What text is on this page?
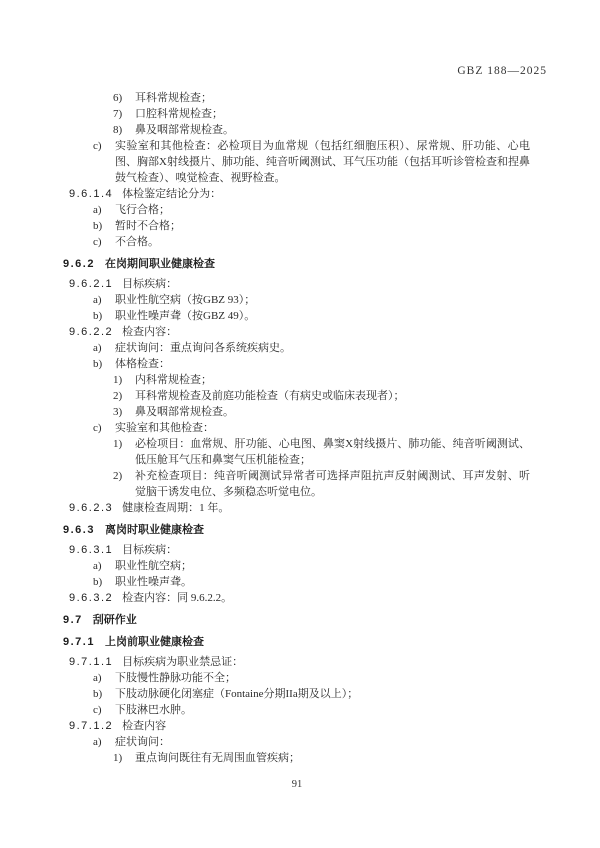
GBZ 188—2025
6)	耳科常规检查；
7)	口腔科常规检查；
8)	鼻及咽部常规检查。
c)	实验室和其他检查：必检项目为血常规（包括红细胞压积）、尿常规、肝功能、心电图、胸部X射线摄片、肺功能、纯音听阈测试、耳气压功能（包括耳听诊管检查和捏鼻鼓气检查）、嗅觉检查、视野检查。
9.6.1.4 体检鉴定结论分为：
a)	飞行合格；
b)	暂时不合格；
c)	不合格。
9.6.2 在岗期间职业健康检查
9.6.2.1 目标疾病：
a)	职业性航空病（按GBZ 93）；
b)	职业性噪声聋（按GBZ 49）。
9.6.2.2 检查内容：
a)	症状询问：重点询问各系统疾病史。
b)	体格检查：
1)	内科常规检查；
2)	耳科常规检查及前庭功能检查（有病史或临床表现者）；
3)	鼻及咽部常规检查。
c)	实验室和其他检查：
1)	必检项目：血常规、肝功能、心电图、鼻窦X射线摄片、肺功能、纯音听阈测试、低压舱耳气压和鼻窦气压机能检查；
2)	补充检查项目：纯音听阈测试异常者可选择声阻抗声反射阈测试、耳声发射、听觉脑干诱发电位、多频稳态听觉电位。
9.6.2.3 健康检查周期：1 年。
9.6.3 离岗时职业健康检查
9.6.3.1 目标疾病：
a)	职业性航空病；
b)	职业性噪声聋。
9.6.3.2 检查内容：同 9.6.2.2。
9.7 刮研作业
9.7.1 上岗前职业健康检查
9.7.1.1 目标疾病为职业禁忌证：
a)	下肢慢性静脉功能不全；
b)	下肢动脉硬化闭塞症（Fontaine分期IIa期及以上）；
c)	下肢淋巴水肿。
9.7.1.2 检查内容
a)	症状询问：
1)	重点询问既往有无周围血管疾病；
91
